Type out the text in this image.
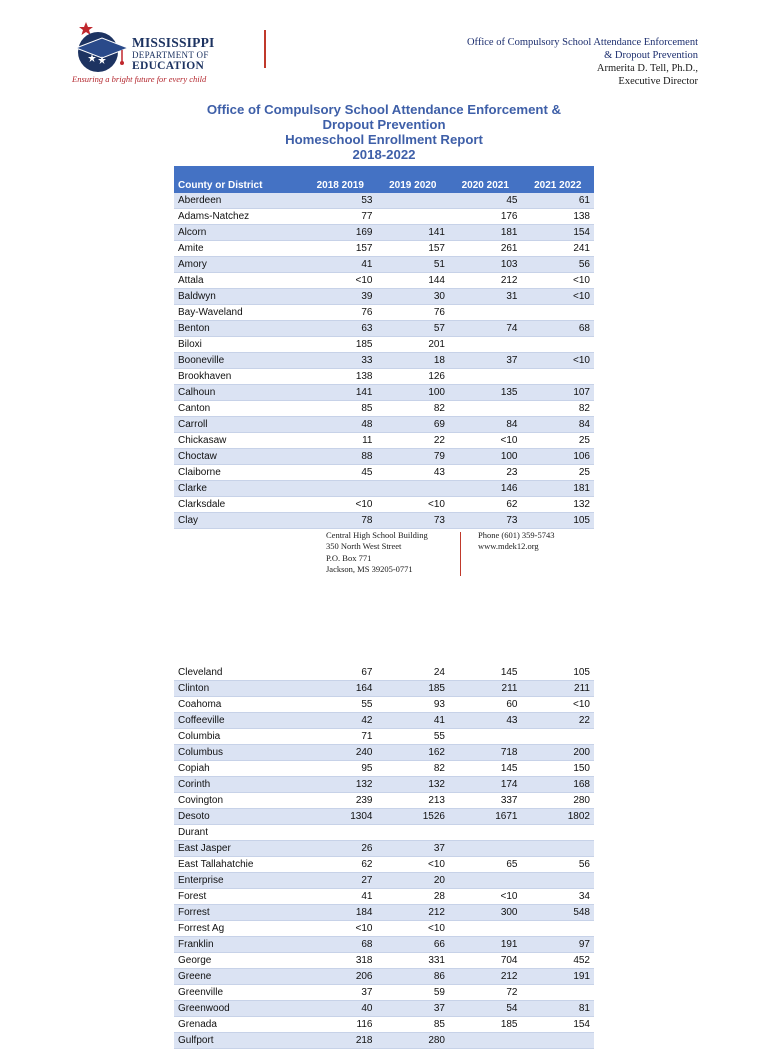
MISSISSIPPI
DEPARTMENT OF
EDUCATION
Ensuring a bright future for every child
Office of Compulsory School Attendance Enforcement
& Dropout Prevention
Armerita D. Tell, Ph.D.,
Executive Director
Office of Compulsory School Attendance Enforcement &
Dropout Prevention
Homeschool Enrollment Report
2018-2022
County or District	2018 2019	2019 2020	2020 2021	2021 2022
Aberdeen	53		45	61
Adams-Natchez	77		176	138
Alcorn	169	141	181	154
Amite	157	157	261	241
Amory	41	51	103	56
Attala	<10	144	212	<10
Baldwyn	39	30	31	<10
Bay-Waveland	76	76		
Benton	63	57	74	68
Biloxi	185	201		
Booneville	33	18	37	<10
Brookhaven	138	126		
Calhoun	141	100	135	107
Canton	85	82		82
Carroll	48	69	84	84
Chickasaw	11	22	<10	25
Choctaw	88	79	100	106
Claiborne	45	43	23	25
Clarke			146	181
Clarksdale	<10	<10	62	132
Clay	78	73	73	105
Central High School Building
350 North West Street
P.O. Box 771
Jackson, MS 39205-0771
Phone (601) 359-5743
www.mdek12.org
Cleveland	67	24	145	105
Clinton	164	185	211	211
Coahoma	55	93	60	<10
Coffeeville	42	41	43	22
Columbia	71	55		
Columbus	240	162	718	200
Copiah	95	82	145	150
Corinth	132	132	174	168
Covington	239	213	337	280
Desoto	1304	1526	1671	1802
Durant				
East Jasper	26	37		
East Tallahatchie	62	<10	65	56
Enterprise	27	20		
Forest	41	28	<10	34
Forrest	184	212	300	548
Forrest Ag	<10	<10		
Franklin	68	66	191	97
George	318	331	704	452
Greene	206	86	212	191
Greenville	37	59	72	
Greenwood	40	37	54	81
Grenada	116	85	185	154
Gulfport	218	280		
